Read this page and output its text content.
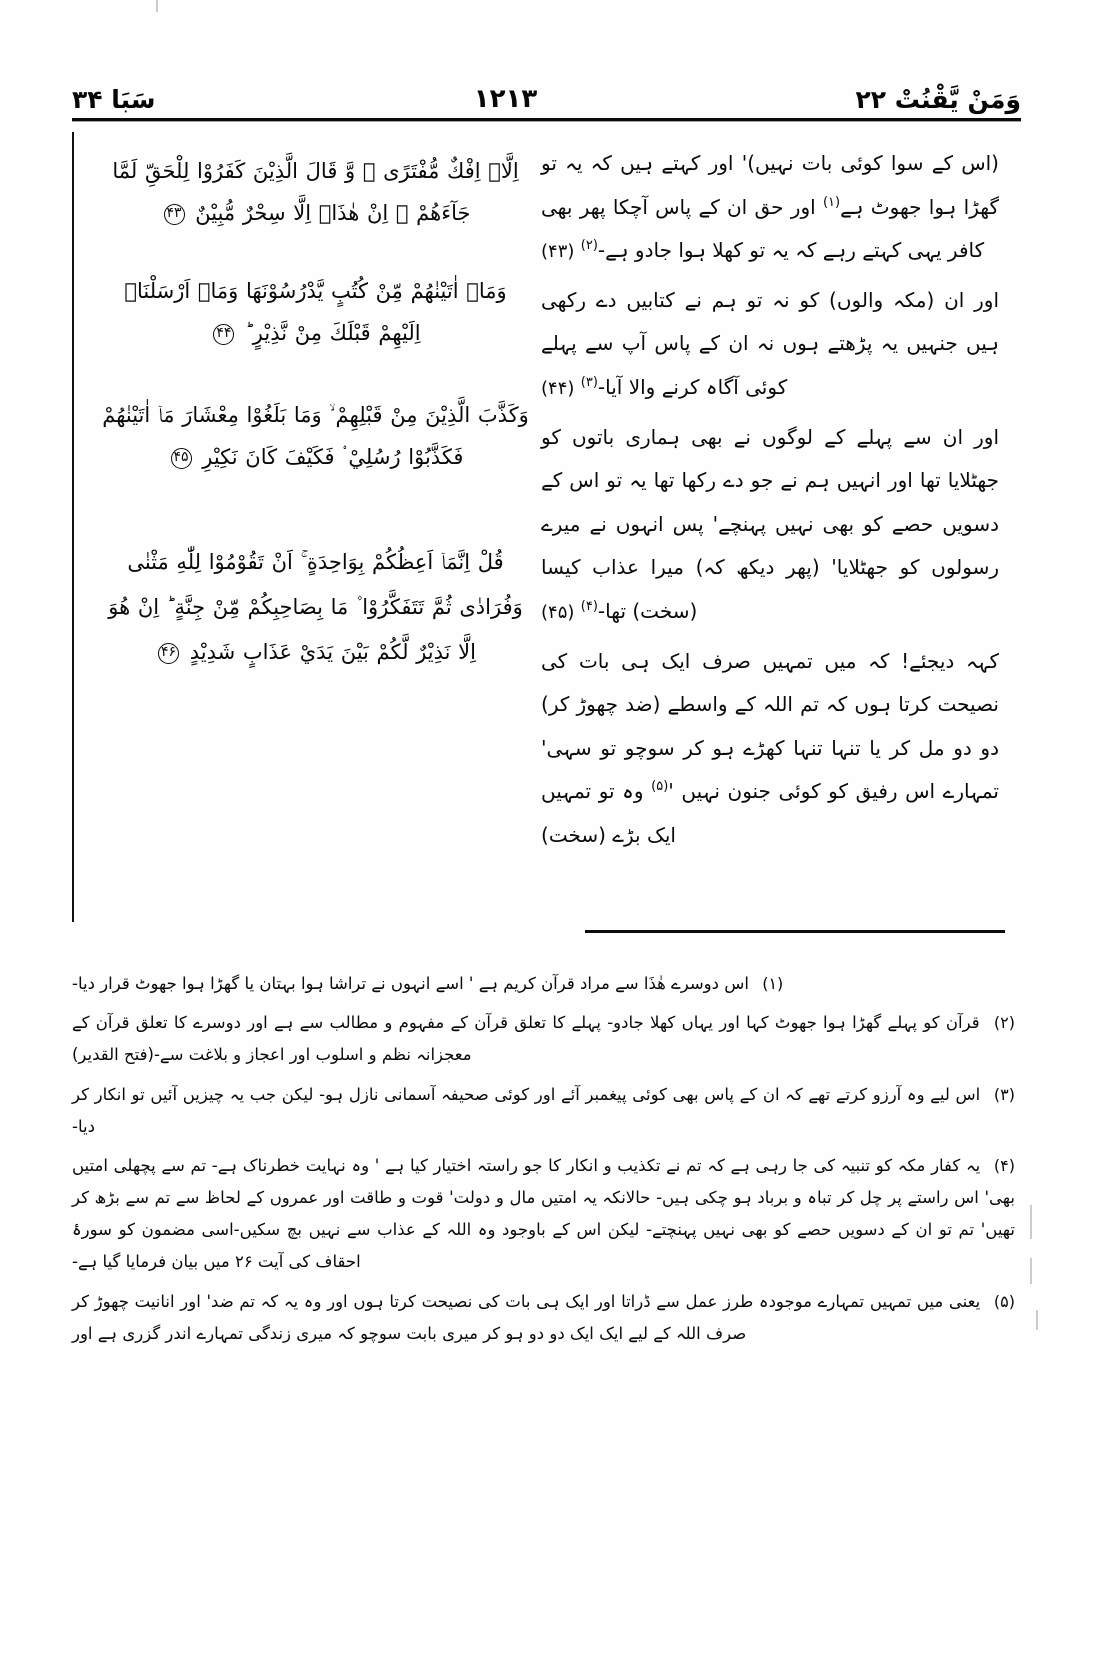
وَمَنْ يَّقْنُتْ ۲۲
۱۲۱۳
سَبَا ۳۴

(اس کے سوا کوئی بات نہیں)' اور کہتے ہیں کہ یہ تو گھڑا ہوا جھوٹ ہے$^{(۱)}$ اور حق ان کے پاس آچکا پھر بھی کافر یہی کہتے رہے کہ یہ تو کھلا ہوا جادو ہے-$^{(۲)}$ (۴۳)

اور ان (مکہ والوں) کو نہ تو ہم نے کتابیں دے رکھی ہیں جنہیں یہ پڑھتے ہوں نہ ان کے پاس آپ سے پہلے کوئی آگاہ کرنے والا آیا-$^{(۳)}$ (۴۴)

اور ان سے پہلے کے لوگوں نے بھی ہماری باتوں کو جھٹلایا تھا اور انہیں ہم نے جو دے رکھا تھا یہ تو اس کے دسویں حصے کو بھی نہیں پہنچے' پس انہوں نے میرے رسولوں کو جھٹلایا' (پھر دیکھ کہ) میرا عذاب کیسا (سخت) تھا-$^{(۴)}$ (۴۵)

کہہ دیجئے! کہ میں تمہیں صرف ایک ہی بات کی نصیحت کرتا ہوں کہ تم اللہ کے واسطے (ضد چھوڑ کر) دو دو مل کر یا تنہا تنہا کھڑے ہو کر سوچو تو سہی' تمہارے اس رفیق کو کوئی جنون نہیں '$^{(۵)}$ وہ تو تمہیں ایک بڑے (سخت)

اِلَّاۤ اِفْكٌ مُّفْتَرًى ۙ وَّ قَالَ الَّذِيْنَ كَفَرُوْا لِلْحَقِّ لَمَّا جَآءَهُمْ ۙ اِنْ هٰذَاۤ اِلَّا سِحْرٌ مُّبِيْنٌ ۴۳
وَمَاۤ اٰتَيْنٰهُمْ مِّنْ كُتُبٍ يَّدْرُسُوْنَهَا وَمَاۤ اَرْسَلْنَاۤ اِلَيْهِمْ قَبْلَكَ مِنْ نَّذِيْرٍ ؕ ۴۴
وَكَذَّبَ الَّذِيْنَ مِنْ قَبْلِهِمْ ۙ وَمَا بَلَغُوْا مِعْشَارَ مَاۤ اٰتَيْنٰهُمْ فَكَذَّبُوْا رُسُلِيْ ۟ فَكَيْفَ كَانَ نَكِيْرِ ۴۵
قُلْ اِنَّمَاۤ اَعِظُكُمْ بِوَاحِدَةٍ ۚ اَنْ تَقُوْمُوْا لِلّٰهِ مَثْنٰى وَفُرَادٰى ثُمَّ تَتَفَكَّرُوْا ۫ مَا بِصَاحِبِكُمْ مِّنْ جِنَّةٍ ؕ اِنْ هُوَ اِلَّا نَذِيْرٌ لَّكُمْ بَيْنَ يَدَيْ عَذَابٍ شَدِيْدٍ ۴۶

(۱) اس دوسرے هٰذَا سے مراد قرآن کریم ہے ' اسے انہوں نے تراشا ہوا بہتان یا گھڑا ہوا جھوٹ قرار دیا-

(۲) قرآن کو پہلے گھڑا ہوا جھوٹ کہا اور یہاں کھلا جادو- پہلے کا تعلق قرآن کے مفہوم و مطالب سے ہے اور دوسرے کا تعلق قرآن کے معجزانہ نظم و اسلوب اور اعجاز و بلاغت سے-(فتح القدیر)

(۳) اس لیے وہ آرزو کرتے تھے کہ ان کے پاس بھی کوئی پیغمبر آئے اور کوئی صحیفہ آسمانی نازل ہو- لیکن جب یہ چیزیں آئیں تو انکار کر دیا-

(۴) یہ کفار مکہ کو تنبیہ کی جا رہی ہے کہ تم نے تکذیب و انکار کا جو راستہ اختیار کیا ہے ' وہ نہایت خطرناک ہے- تم سے پچھلی امتیں بھی' اس راستے پر چل کر تباہ و برباد ہو چکی ہیں- حالانکہ یہ امتیں مال و دولت' قوت و طاقت اور عمروں کے لحاظ سے تم سے بڑھ کر تھیں' تم تو ان کے دسویں حصے کو بھی نہیں پہنچتے- لیکن اس کے باوجود وہ اللہ کے عذاب سے نہیں بچ سکیں-اسی مضمون کو سورۂ احقاف کی آیت ۲۶ میں بیان فرمایا گیا ہے-

(۵) یعنی میں تمہیں تمہارے موجودہ طرز عمل سے ڈراتا اور ایک ہی بات کی نصیحت کرتا ہوں اور وہ یہ کہ تم ضد' اور انانیت چھوڑ کر صرف اللہ کے لیے ایک ایک دو دو ہو کر میری بابت سوچو کہ میری زندگی تمہارے اندر گزری ہے اور
